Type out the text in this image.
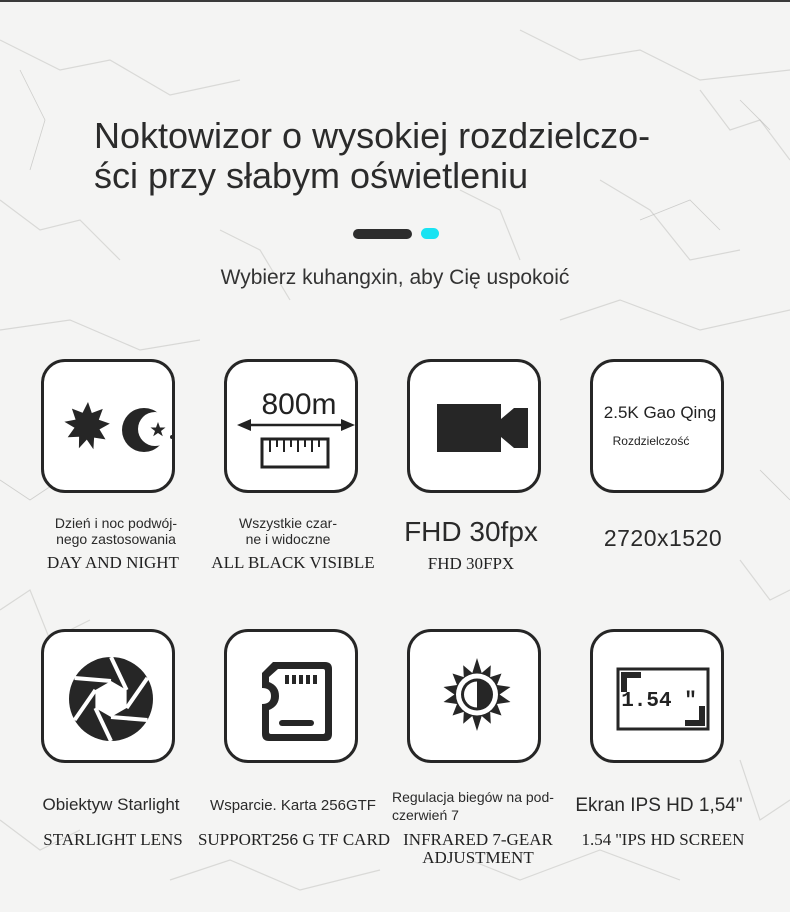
Noktowizor o wysokiej rozdzielczo-
ści przy słabym oświetleniu
Wybierz kuhangxin, aby Cię uspokoić
800m	2.5K Gao Qing
Rozdzielczość
Dzień i noc podwój-
nego zastosowania
DAY AND NIGHT
Wszystkie czar-
ne i widoczne
ALL BLACK VISIBLE
FHD 30fpx
FHD 30FPX
2720x1520
1.54 "
Obiektyw Starlight
STARLIGHT LENS
Wsparcie. Karta 256GTF
SUPPORT256 G TF CARD
Regulacja biegów na pod-
czerwień 7
INFRARED 7-GEAR
ADJUSTMENT
Ekran IPS HD 1,54"
1.54 ''IPS HD SCREEN
